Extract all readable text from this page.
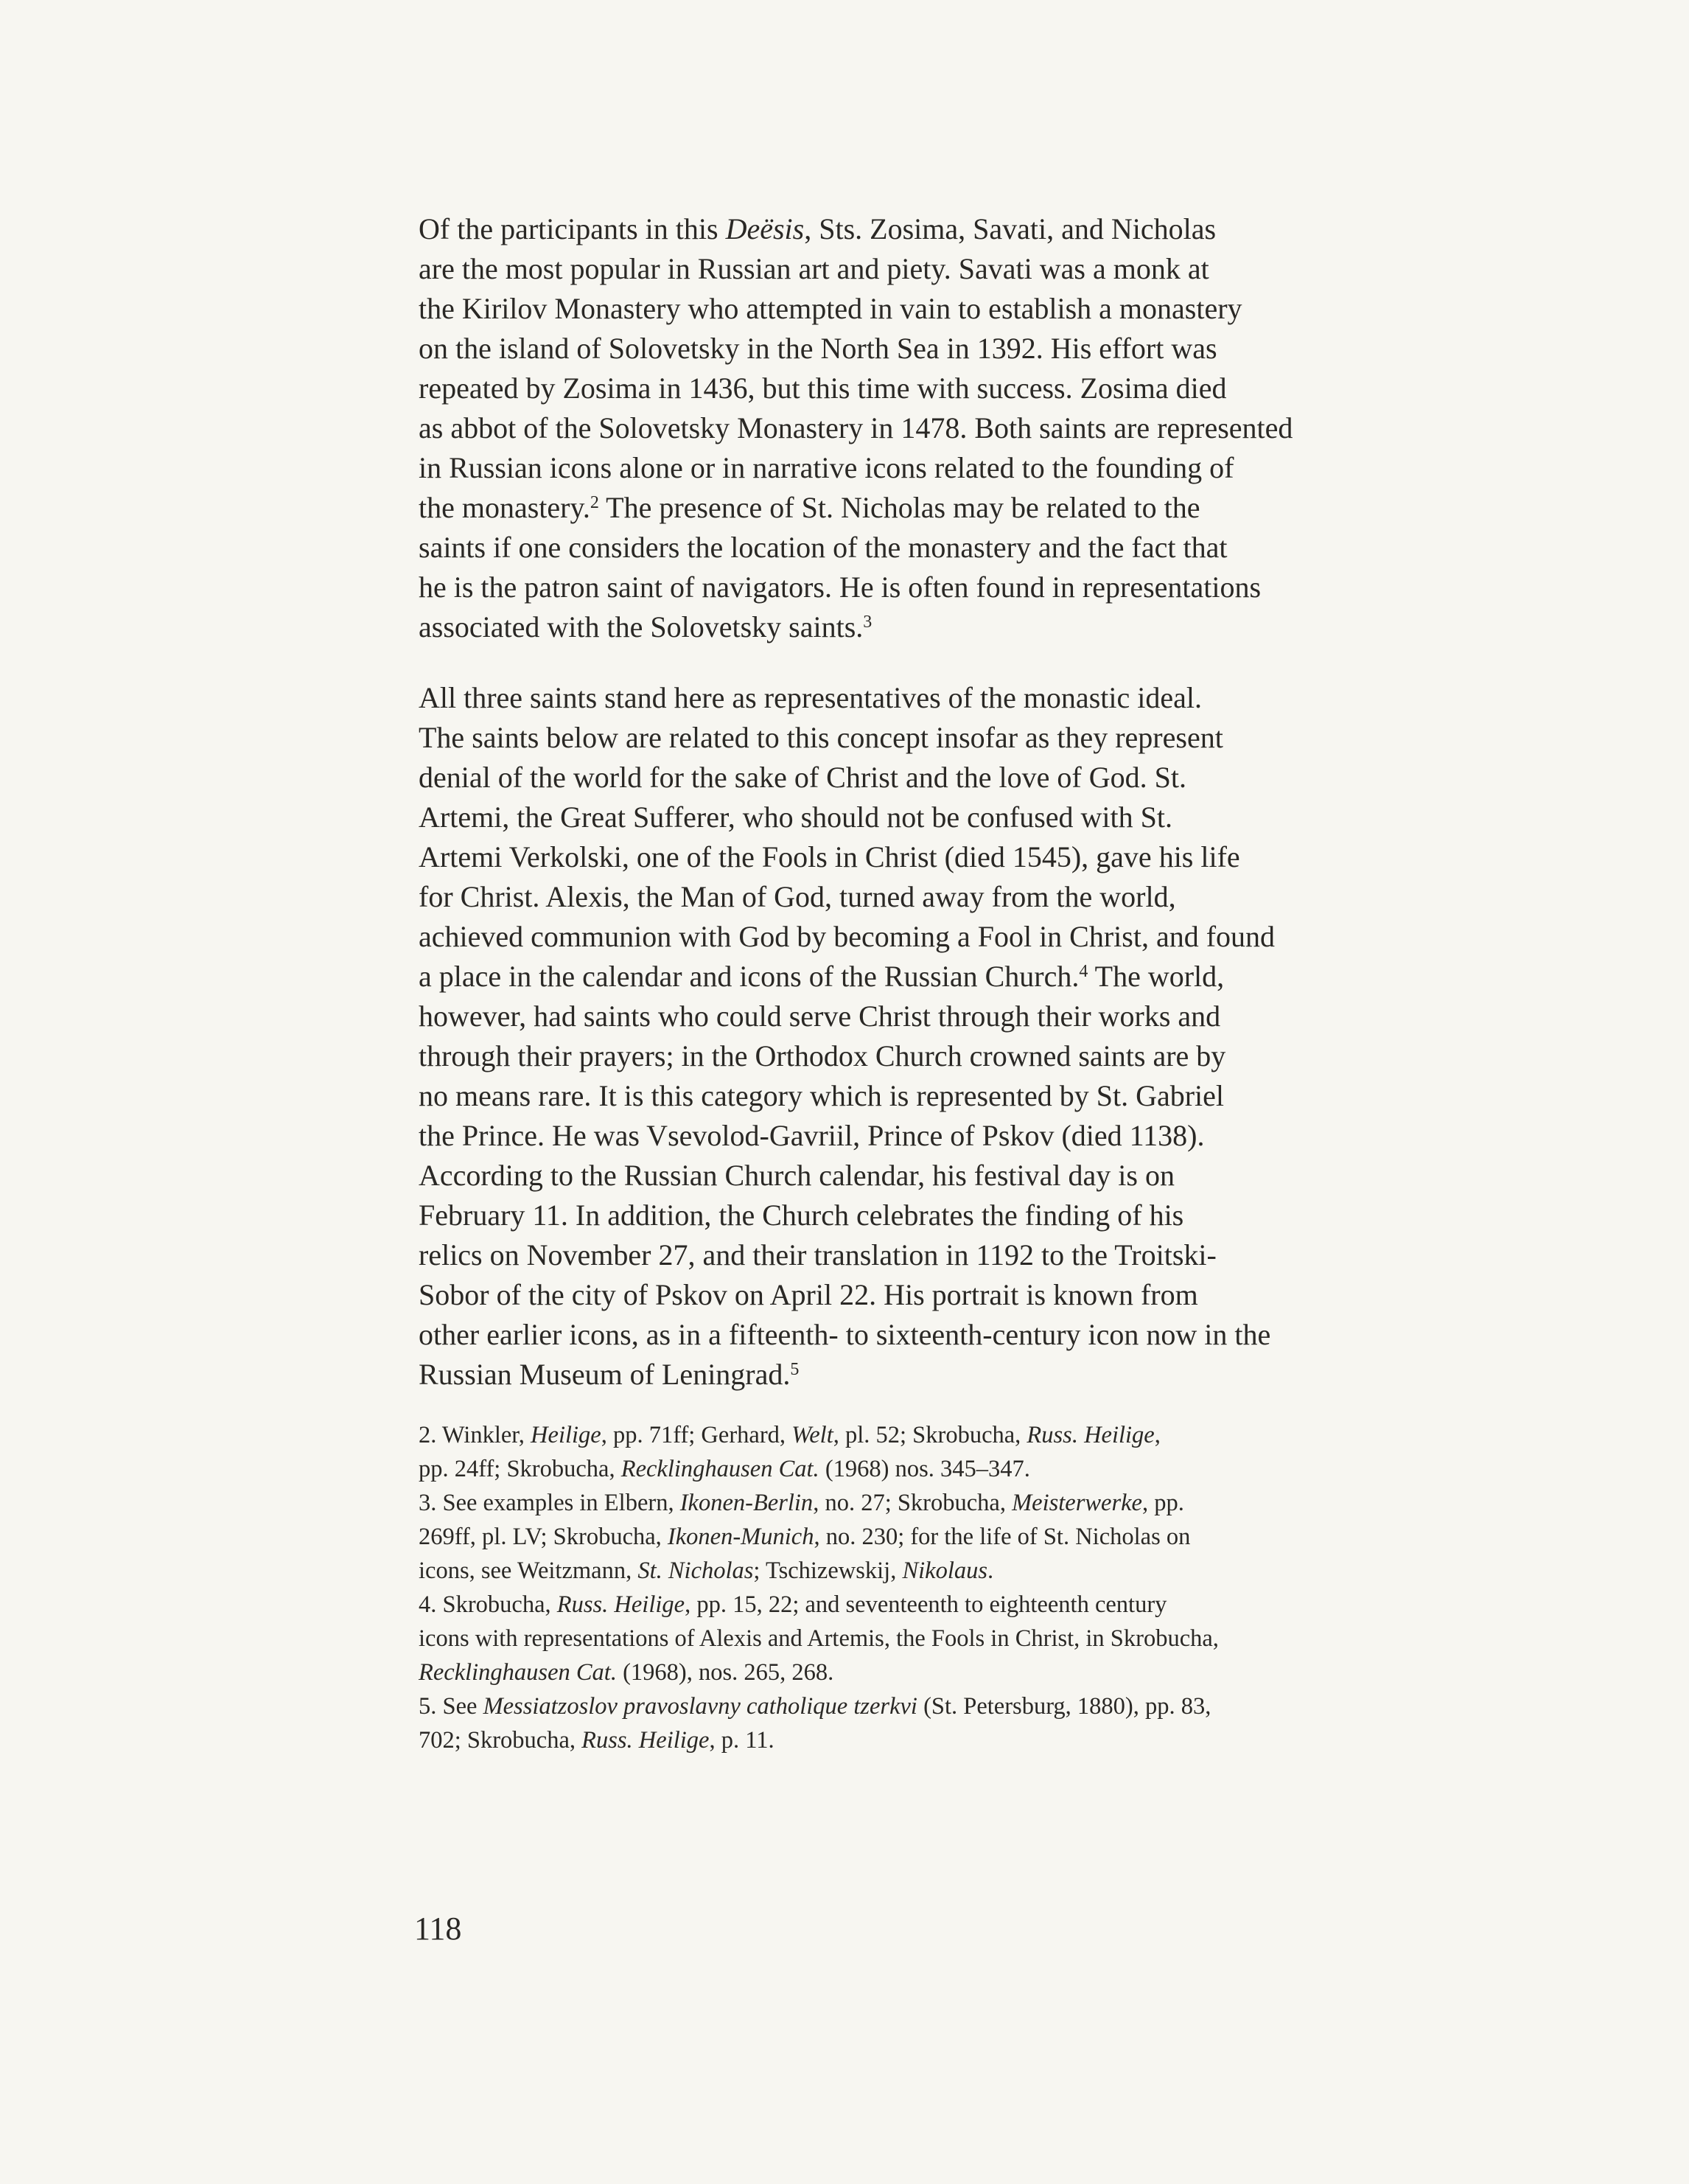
Of the participants in this Deësis, Sts. Zosima, Savati, and Nicholas
are the most popular in Russian art and piety. Savati was a monk at
the Kirilov Monastery who attempted in vain to establish a monastery
on the island of Solovetsky in the North Sea in 1392. His effort was
repeated by Zosima in 1436, but this time with success. Zosima died
as abbot of the Solovetsky Monastery in 1478. Both saints are represented
in Russian icons alone or in narrative icons related to the founding of
the monastery.$^2$ The presence of St. Nicholas may be related to the
saints if one considers the location of the monastery and the fact that
he is the patron saint of navigators. He is often found in representations
associated with the Solovetsky saints.$^3$
All three saints stand here as representatives of the monastic ideal.
The saints below are related to this concept insofar as they represent
denial of the world for the sake of Christ and the love of God. St.
Artemi, the Great Sufferer, who should not be confused with St.
Artemi Verkolski, one of the Fools in Christ (died 1545), gave his life
for Christ. Alexis, the Man of God, turned away from the world,
achieved communion with God by becoming a Fool in Christ, and found
a place in the calendar and icons of the Russian Church.$^4$ The world,
however, had saints who could serve Christ through their works and
through their prayers; in the Orthodox Church crowned saints are by
no means rare. It is this category which is represented by St. Gabriel
the Prince. He was Vsevolod-Gavriil, Prince of Pskov (died 1138).
According to the Russian Church calendar, his festival day is on
February 11. In addition, the Church celebrates the finding of his
relics on November 27, and their translation in 1192 to the Troitski-
Sobor of the city of Pskov on April 22. His portrait is known from
other earlier icons, as in a fifteenth- to sixteenth-century icon now in the
Russian Museum of Leningrad.$^5$
2. Winkler, Heilige, pp. 71ff; Gerhard, Welt, pl. 52; Skrobucha, Russ. Heilige,
pp. 24ff; Skrobucha, Recklinghausen Cat. (1968) nos. 345–347.
3. See examples in Elbern, Ikonen-Berlin, no. 27; Skrobucha, Meisterwerke, pp.
269ff, pl. LV; Skrobucha, Ikonen-Munich, no. 230; for the life of St. Nicholas on
icons, see Weitzmann, St. Nicholas; Tschizewskij, Nikolaus.
4. Skrobucha, Russ. Heilige, pp. 15, 22; and seventeenth to eighteenth century
icons with representations of Alexis and Artemis, the Fools in Christ, in Skrobucha,
Recklinghausen Cat. (1968), nos. 265, 268.
5. See Messiatzoslov pravoslavny catholique tzerkvi (St. Petersburg, 1880), pp. 83,
702; Skrobucha, Russ. Heilige, p. 11.
118
